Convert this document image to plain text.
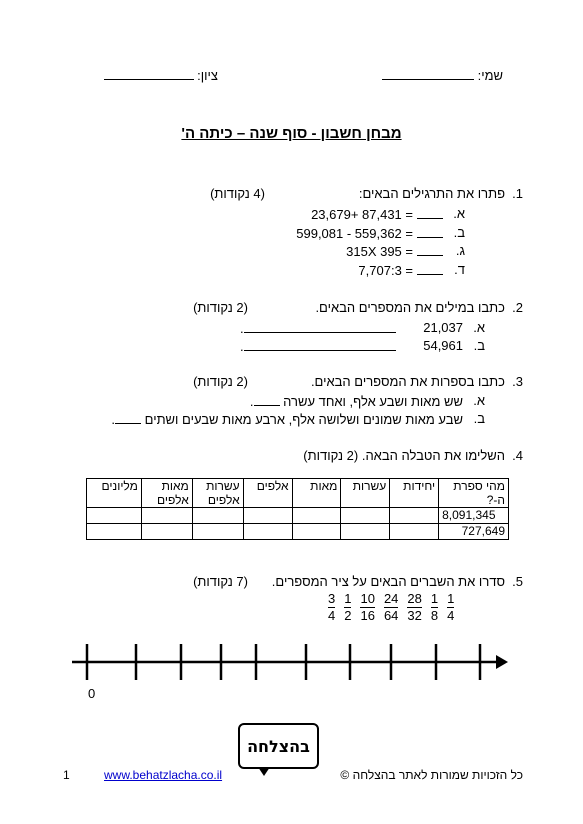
שמי:
ציון:
מבחן חשבון - סוף שנה – כיתה ה'
1.
פתרו את התרגילים הבאים:
(4 נקודות)
א.
23,679+ 87,431 =
ב.
599,081 - 559,362 =
ג.
315X 395 =
ד.
7,707:3 =
2.
כתבו במילים את המספרים הבאים.
(2 נקודות)
א.
21,037
.
ב.
54,961
.
3.
כתבו בספרות את המספרים הבאים.
(2 נקודות)
א.
שש מאות ושבע אלף, ואחד עשרה .
ב.
שבע מאות שמונים ושלושה אלף, ארבע מאות שבעים ושתים .
4.
השלימו את הטבלה הבאה. (2 נקודות)
מהי ספרת ה-?	יחידות	עשרות	מאות	אלפים	עשרות אלפים	מאות אלפים	מליונים
8,091,345							
727,649							
5.
סדרו את השברים הבאים על ציר המספרים.
(7 נקודות)
$\frac{3}{4} \frac{1}{2} \frac{10}{16} \frac{24}{64} \frac{28}{32} \frac{1}{8} \frac{1}{4}$
0
בהצלחה
1	www.behatzlacha.co.il	כל הזכויות שמורות לאתר בהצלחה ©
